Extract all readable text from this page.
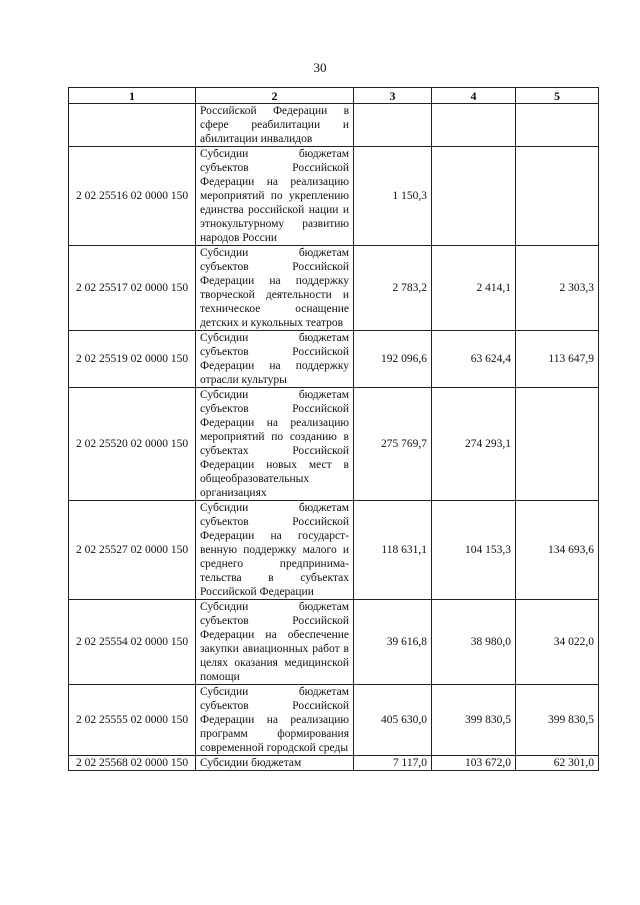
30
1	2	3	4	5
	Российской Федерации в сфере реабилитации и абилитации инвалидов			
2 02 25516 02 0000 150	Субсидии бюджетам субъектов Российской Федерации на реализацию мероприятий по укреплению единства российской нации и этнокультурному развитию народов России	1 150,3		
2 02 25517 02 0000 150	Субсидии бюджетам субъектов Российской Федерации на поддержку творческой деятельности и техническое оснащение детских и кукольных театров	2 783,2	2 414,1	2 303,3
2 02 25519 02 0000 150	Субсидии бюджетам субъектов Российской Федерации на поддержку отрасли культуры	192 096,6	63 624,4	113 647,9
2 02 25520 02 0000 150	Субсидии бюджетам субъектов Российской Федерации на реализацию мероприятий по созданию в субъектах Российской Федерации новых мест в общеобразовательных организациях	275 769,7	274 293,1	
2 02 25527 02 0000 150	Субсидии бюджетам субъектов Российской Федерации на государст-венную поддержку малого и среднего предпринима-тельства в субъектах Российской Федерации	118 631,1	104 153,3	134 693,6
2 02 25554 02 0000 150	Субсидии бюджетам субъектов Российской Федерации на обеспечение закупки авиационных работ в целях оказания медицинской помощи	39 616,8	38 980,0	34 022,0
2 02 25555 02 0000 150	Субсидии бюджетам субъектов Российской Федерации на реализацию программ формирования современной городской среды	405 630,0	399 830,5	399 830,5
2 02 25568 02 0000 150	Субсидии бюджетам	7 117,0	103 672,0	62 301,0
